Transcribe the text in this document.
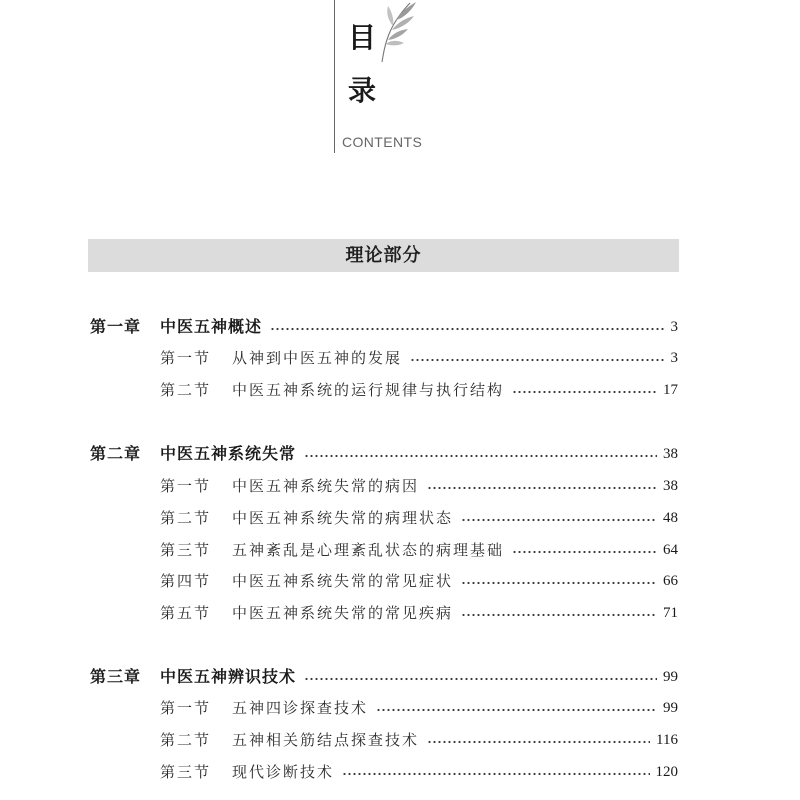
目
录
CONTENTS
理论部分
第一章	中医五神概述	3
第一节	从神到中医五神的发展	3
第二节	中医五神系统的运行规律与执行结构	17
第二章	中医五神系统失常	38
第一节	中医五神系统失常的病因	38
第二节	中医五神系统失常的病理状态	48
第三节	五神紊乱是心理紊乱状态的病理基础	64
第四节	中医五神系统失常的常见症状	66
第五节	中医五神系统失常的常见疾病	71
第三章	中医五神辨识技术	99
第一节	五神四诊探查技术	99
第二节	五神相关筋结点探查技术	116
第三节	现代诊断技术	120
